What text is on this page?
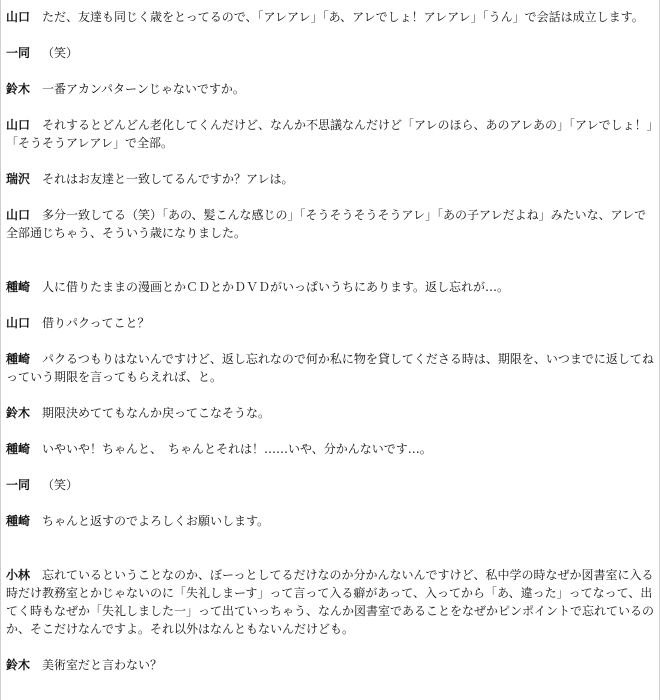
山口 ただ、友達も同じく歳をとってるので、「アレアレ」「あ、アレでしょ！アレアレ」「うん」で会話は成立します。

一同 （笑）

鈴木 一番アカンパターンじゃないですか。

山口 それするとどんどん老化してくんだけど、なんか不思議なんだけど「アレのほら、あのアレあの」「アレでしょ！」「そうそうアレアレ」で全部。

瑞沢 それはお友達と一致してるんですか？アレは。

山口 多分一致してる（笑）「あの、髪こんな感じの」「そうそうそうそうアレ」「あの子アレだよね」みたいな、アレで全部通じちゃう、そういう歳になりました。

種崎 人に借りたままの漫画とかＣＤとかＤＶＤがいっぱいうちにあります。返し忘れが…。

山口 借りパクってこと？

種崎 パクるつもりはないんですけど、返し忘れなので何か私に物を貸してくださる時は、期限を、いつまでに返してねっていう期限を言ってもらえれば、と。

鈴木 期限決めててもなんか戻ってこなそうな。

種崎 いやいや！ちゃんと、　ちゃんとそれは！……いや、分かんないです…。

一同 （笑）

種崎 ちゃんと返すのでよろしくお願いします。

小林 忘れているということなのか、ぼーっとしてるだけなのか分かんないんですけど、私中学の時なぜか図書室に入る時だけ教務室とかじゃないのに「失礼しまーす」って言って入る癖があって、入ってから「あ、違った」ってなって、出てく時もなぜか「失礼しました一」って出ていっちゃう、なんか図書室であることをなぜかピンポイントで忘れているのか、そこだけなんですよ。それ以外はなんともないんだけども。

鈴木 美術室だと言わない？
